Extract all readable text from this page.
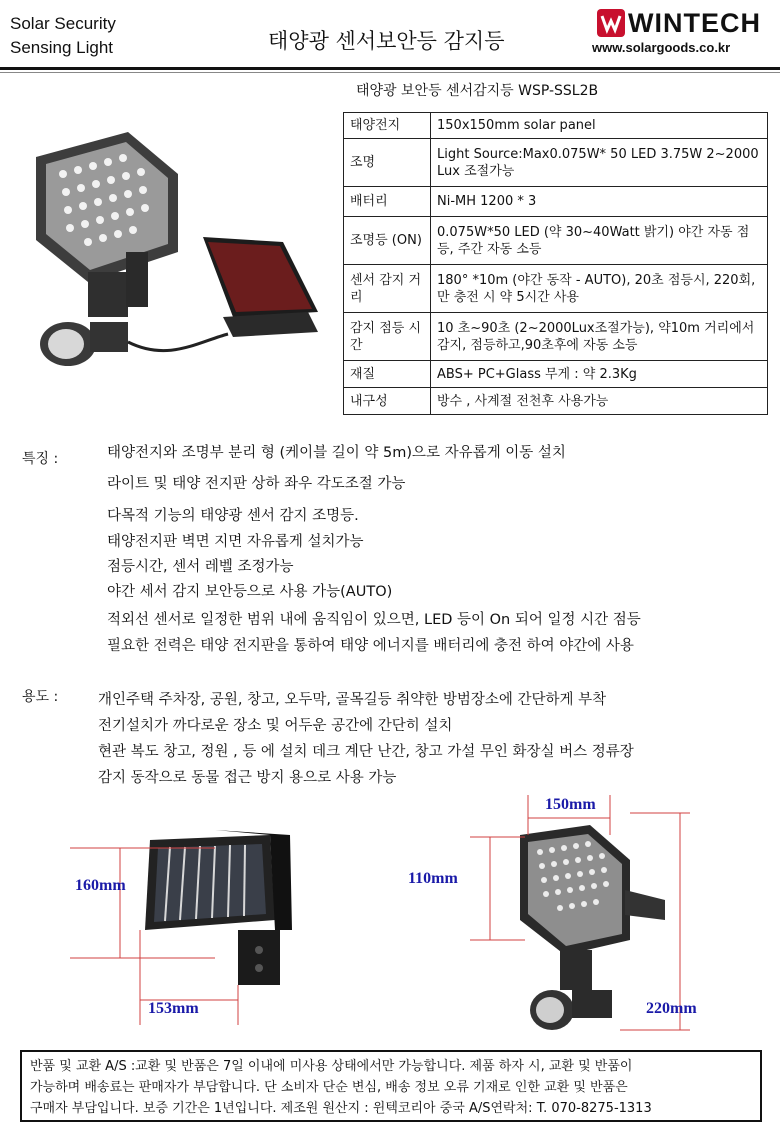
Solar Security
Sensing Light	태양광 센서보안등 감지등
WINTECH
www.solargoods.co.kr
태양광 보안등 센서감지등 WSP-SSL2B
태양전지	150x150mm solar panel
조명	Light Source:Max0.075W* 50 LED 3.75W 2~2000 Lux 조절가능
배터리	Ni-MH 1200 * 3
조명등 (ON)	0.075W*50 LED (약 30~40Watt 밝기) 야간 자동 점등, 주간 자동 소등
센서 감지 거리	180° *10m (야간 동작 - AUTO), 20초 점등시, 220회,만 충전 시 약 5시간 사용
감지 점등 시간	10 초~90초 (2~2000Lux조절가능), 약10m 거리에서 감지, 점등하고,90초후에 자동 소등
재질	ABS+ PC+Glass 무게 : 약 2.3Kg
내구성	방수 , 사계절 전천후 사용가능
특징 :	태양전지와 조명부 분리 형 (케이블 길이 약 5m)으로 자유롭게 이동 설치
라이트 및 태양 전지판 상하 좌우 각도조절 가능
다목적 기능의 태양광 센서 감지 조명등.
태양전지판 벽면 지면 자유롭게 설치가능
점등시간, 센서 레벨 조정가능
야간 세서 감지 보안등으로 사용 가능(AUTO)
적외선 센서로 일정한 범위 내에 움직임이 있으면, LED 등이 On 되어 일정 시간 점등
필요한 전력은 태양 전지판을 통하여 태양 에너지를 배터리에 충전 하여 야간에 사용
용도 :	개인주택 주차장, 공원, 창고, 오두막, 골목길등 취약한 방범장소에 간단하게 부착
전기설치가 까다로운 장소 및 어두운 공간에 간단히 설치
현관 복도 창고, 정원 , 등 에 설치 데크 계단 난간, 창고 가설 무인 화장실 버스 정류장
감지 동작으로 동물 접근 방지 용으로 사용 가능
160mm
153mm
150mm
110mm
220mm
반품 및 교환 A/S :교환 및 반품은 7일 이내에 미사용 상태에서만 가능합니다. 제품 하자 시, 교환 및 반품이
가능하며 배송료는 판매자가 부담합니다. 단 소비자 단순 변심, 배송 정보 오류 기재로 인한 교환 및 반품은
구매자 부담입니다. 보증 기간은 1년입니다. 제조원 원산지 : 윈텍코리아 중국 A/S연락처: T. 070-8275-1313
